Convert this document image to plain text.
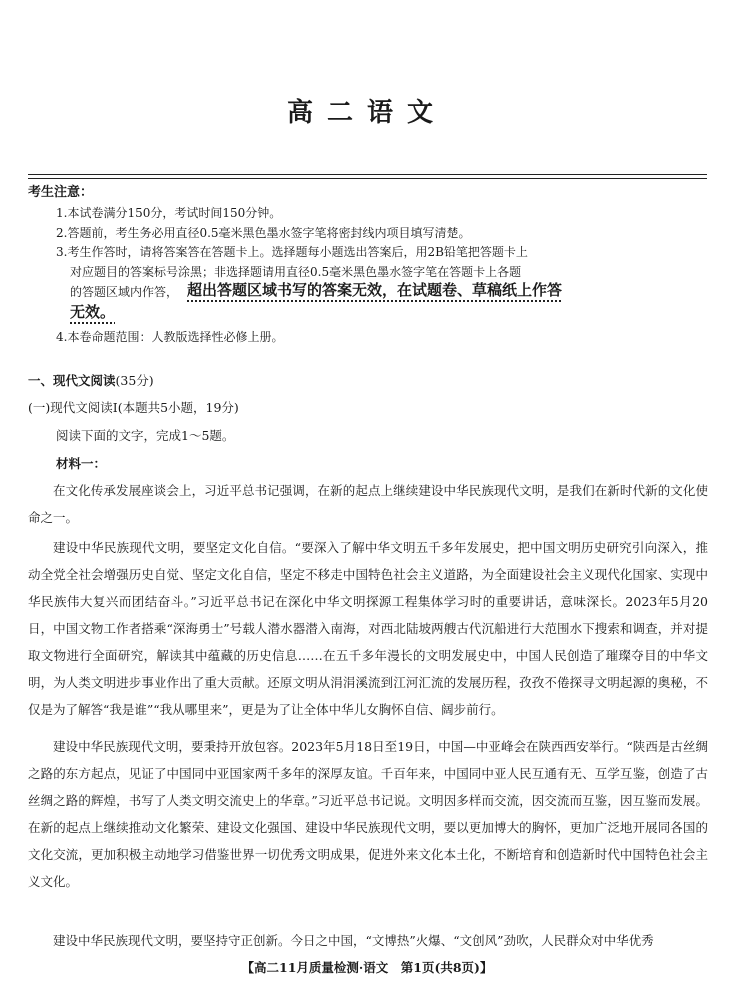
高二语文
考生注意：
1.本试卷满分150分，考试时间150分钟。
2.答题前，考生务必用直径0.5毫米黑色墨水签字笔将密封线内项目填写清楚。
3.考生作答时，请将答案答在答题卡上。选择题每小题选出答案后，用2B铅笔把答题卡上
对应题目的答案标号涂黑；非选择题请用直径0.5毫米黑色墨水签字笔在答题卡上各题
的答题区域内作答， 超出答题区域书写的答案无效，在试题卷、草稿纸上作答
无效。
4.本卷命题范围：人教版选择性必修上册。
一、现代文阅读(35分)
(一)现代文阅读Ⅰ(本题共5小题，19分)
阅读下面的文字，完成1～5题。
材料一：

在文化传承发展座谈会上，习近平总书记强调，在新的起点上继续建设中华民族现代文明，是我们在新时代新的文化使命之一。

建设中华民族现代文明，要坚定文化自信。“要深入了解中华文明五千多年发展史，把中国文明历史研究引向深入，推动全党全社会增强历史自觉、坚定文化自信，坚定不移走中国特色社会主义道路，为全面建设社会主义现代化国家、实现中华民族伟大复兴而团结奋斗。”习近平总书记在深化中华文明探源工程集体学习时的重要讲话，意味深长。2023年5月20日，中国文物工作者搭乘“深海勇士”号载人潜水器潜入南海，对西北陆坡两艘古代沉船进行大范围水下搜索和调查，并对提取文物进行全面研究，解读其中蕴藏的历史信息……在五千多年漫长的文明发展史中，中国人民创造了璀璨夺目的中华文明，为人类文明进步事业作出了重大贡献。还原文明从涓涓溪流到江河汇流的发展历程，孜孜不倦探寻文明起源的奥秘，不仅是为了解答“我是谁”“我从哪里来”，更是为了让全体中华儿女胸怀自信、阔步前行。

建设中华民族现代文明，要秉持开放包容。2023年5月18日至19日，中国—中亚峰会在陕西西安举行。“陕西是古丝绸之路的东方起点，见证了中国同中亚国家两千多年的深厚友谊。千百年来，中国同中亚人民互通有无、互学互鉴，创造了古丝绸之路的辉煌，书写了人类文明交流史上的华章。”习近平总书记说。文明因多样而交流，因交流而互鉴，因互鉴而发展。在新的起点上继续推动文化繁荣、建设文化强国、建设中华民族现代文明，要以更加博大的胸怀，更加广泛地开展同各国的文化交流，更加积极主动地学习借鉴世界一切优秀文明成果，促进外来文化本土化，不断培育和创造新时代中国特色社会主义文化。

建设中华民族现代文明，要坚持守正创新。今日之中国，“文博热”火爆、“文创风”劲吹，人民群众对中华优秀

【高二11月质量检测·语文　第1页(共8页)】
